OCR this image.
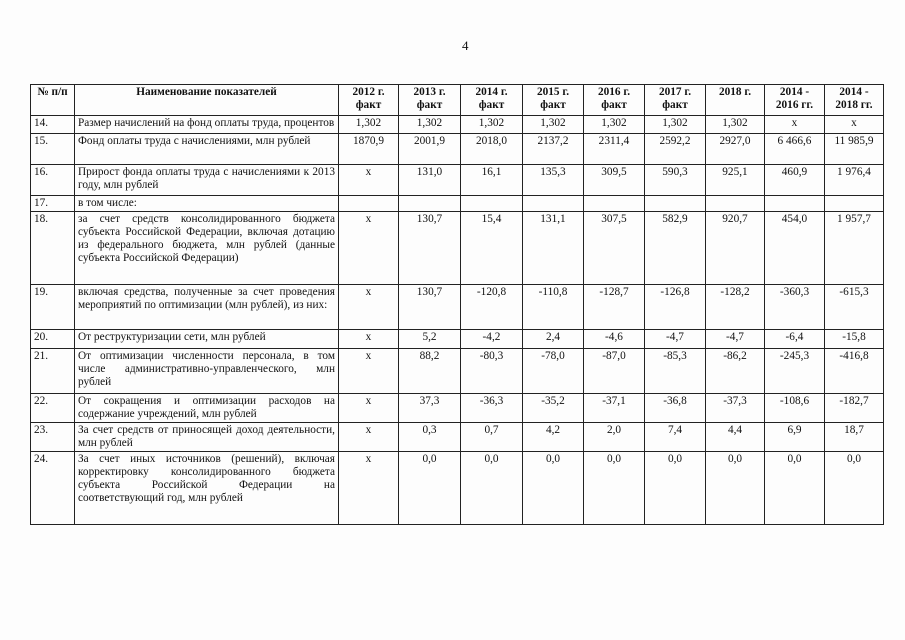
4
№ п/п	Наименование показателей	2012 г. факт	2013 г. факт	2014 г. факт	2015 г. факт	2016 г. факт	2017 г. факт	2018 г.	2014 - 2016 гг.	2014 - 2018 гг.
14.	Размер начислений на фонд оплаты труда, процентов	1,302	1,302	1,302	1,302	1,302	1,302	1,302	х	х
15.	Фонд оплаты труда с начислениями, млн рублей	1870,9	2001,9	2018,0	2137,2	2311,4	2592,2	2927,0	6 466,6	11 985,9
16.	Прирост фонда оплаты труда с начислениями к 2013 году, млн рублей	х	131,0	16,1	135,3	309,5	590,3	925,1	460,9	1 976,4
17.	в том числе:									
18.	за счет средств консолидированного бюджета субъекта Российской Федерации, включая дотацию из федерального бюджета, млн рублей (данные субъекта Российской Федерации)	х	130,7	15,4	131,1	307,5	582,9	920,7	454,0	1 957,7
19.	включая средства, полученные за счет проведения мероприятий по оптимизации (млн рублей), из них:	х	130,7	-120,8	-110,8	-128,7	-126,8	-128,2	-360,3	-615,3
20.	От реструктуризации сети, млн рублей	х	5,2	-4,2	2,4	-4,6	-4,7	-4,7	-6,4	-15,8
21.	От оптимизации численности персонала, в том числе административно-управленческого, млн рублей	х	88,2	-80,3	-78,0	-87,0	-85,3	-86,2	-245,3	-416,8
22.	От сокращения и оптимизации расходов на содержание учреждений, млн рублей	х	37,3	-36,3	-35,2	-37,1	-36,8	-37,3	-108,6	-182,7
23.	За счет средств от приносящей доход деятельности, млн рублей	х	0,3	0,7	4,2	2,0	7,4	4,4	6,9	18,7
24.	За счет иных источников (решений), включая корректировку консолидированного бюджета субъекта Российской Федерации на соответствующий год, млн рублей	х	0,0	0,0	0,0	0,0	0,0	0,0	0,0	0,0
